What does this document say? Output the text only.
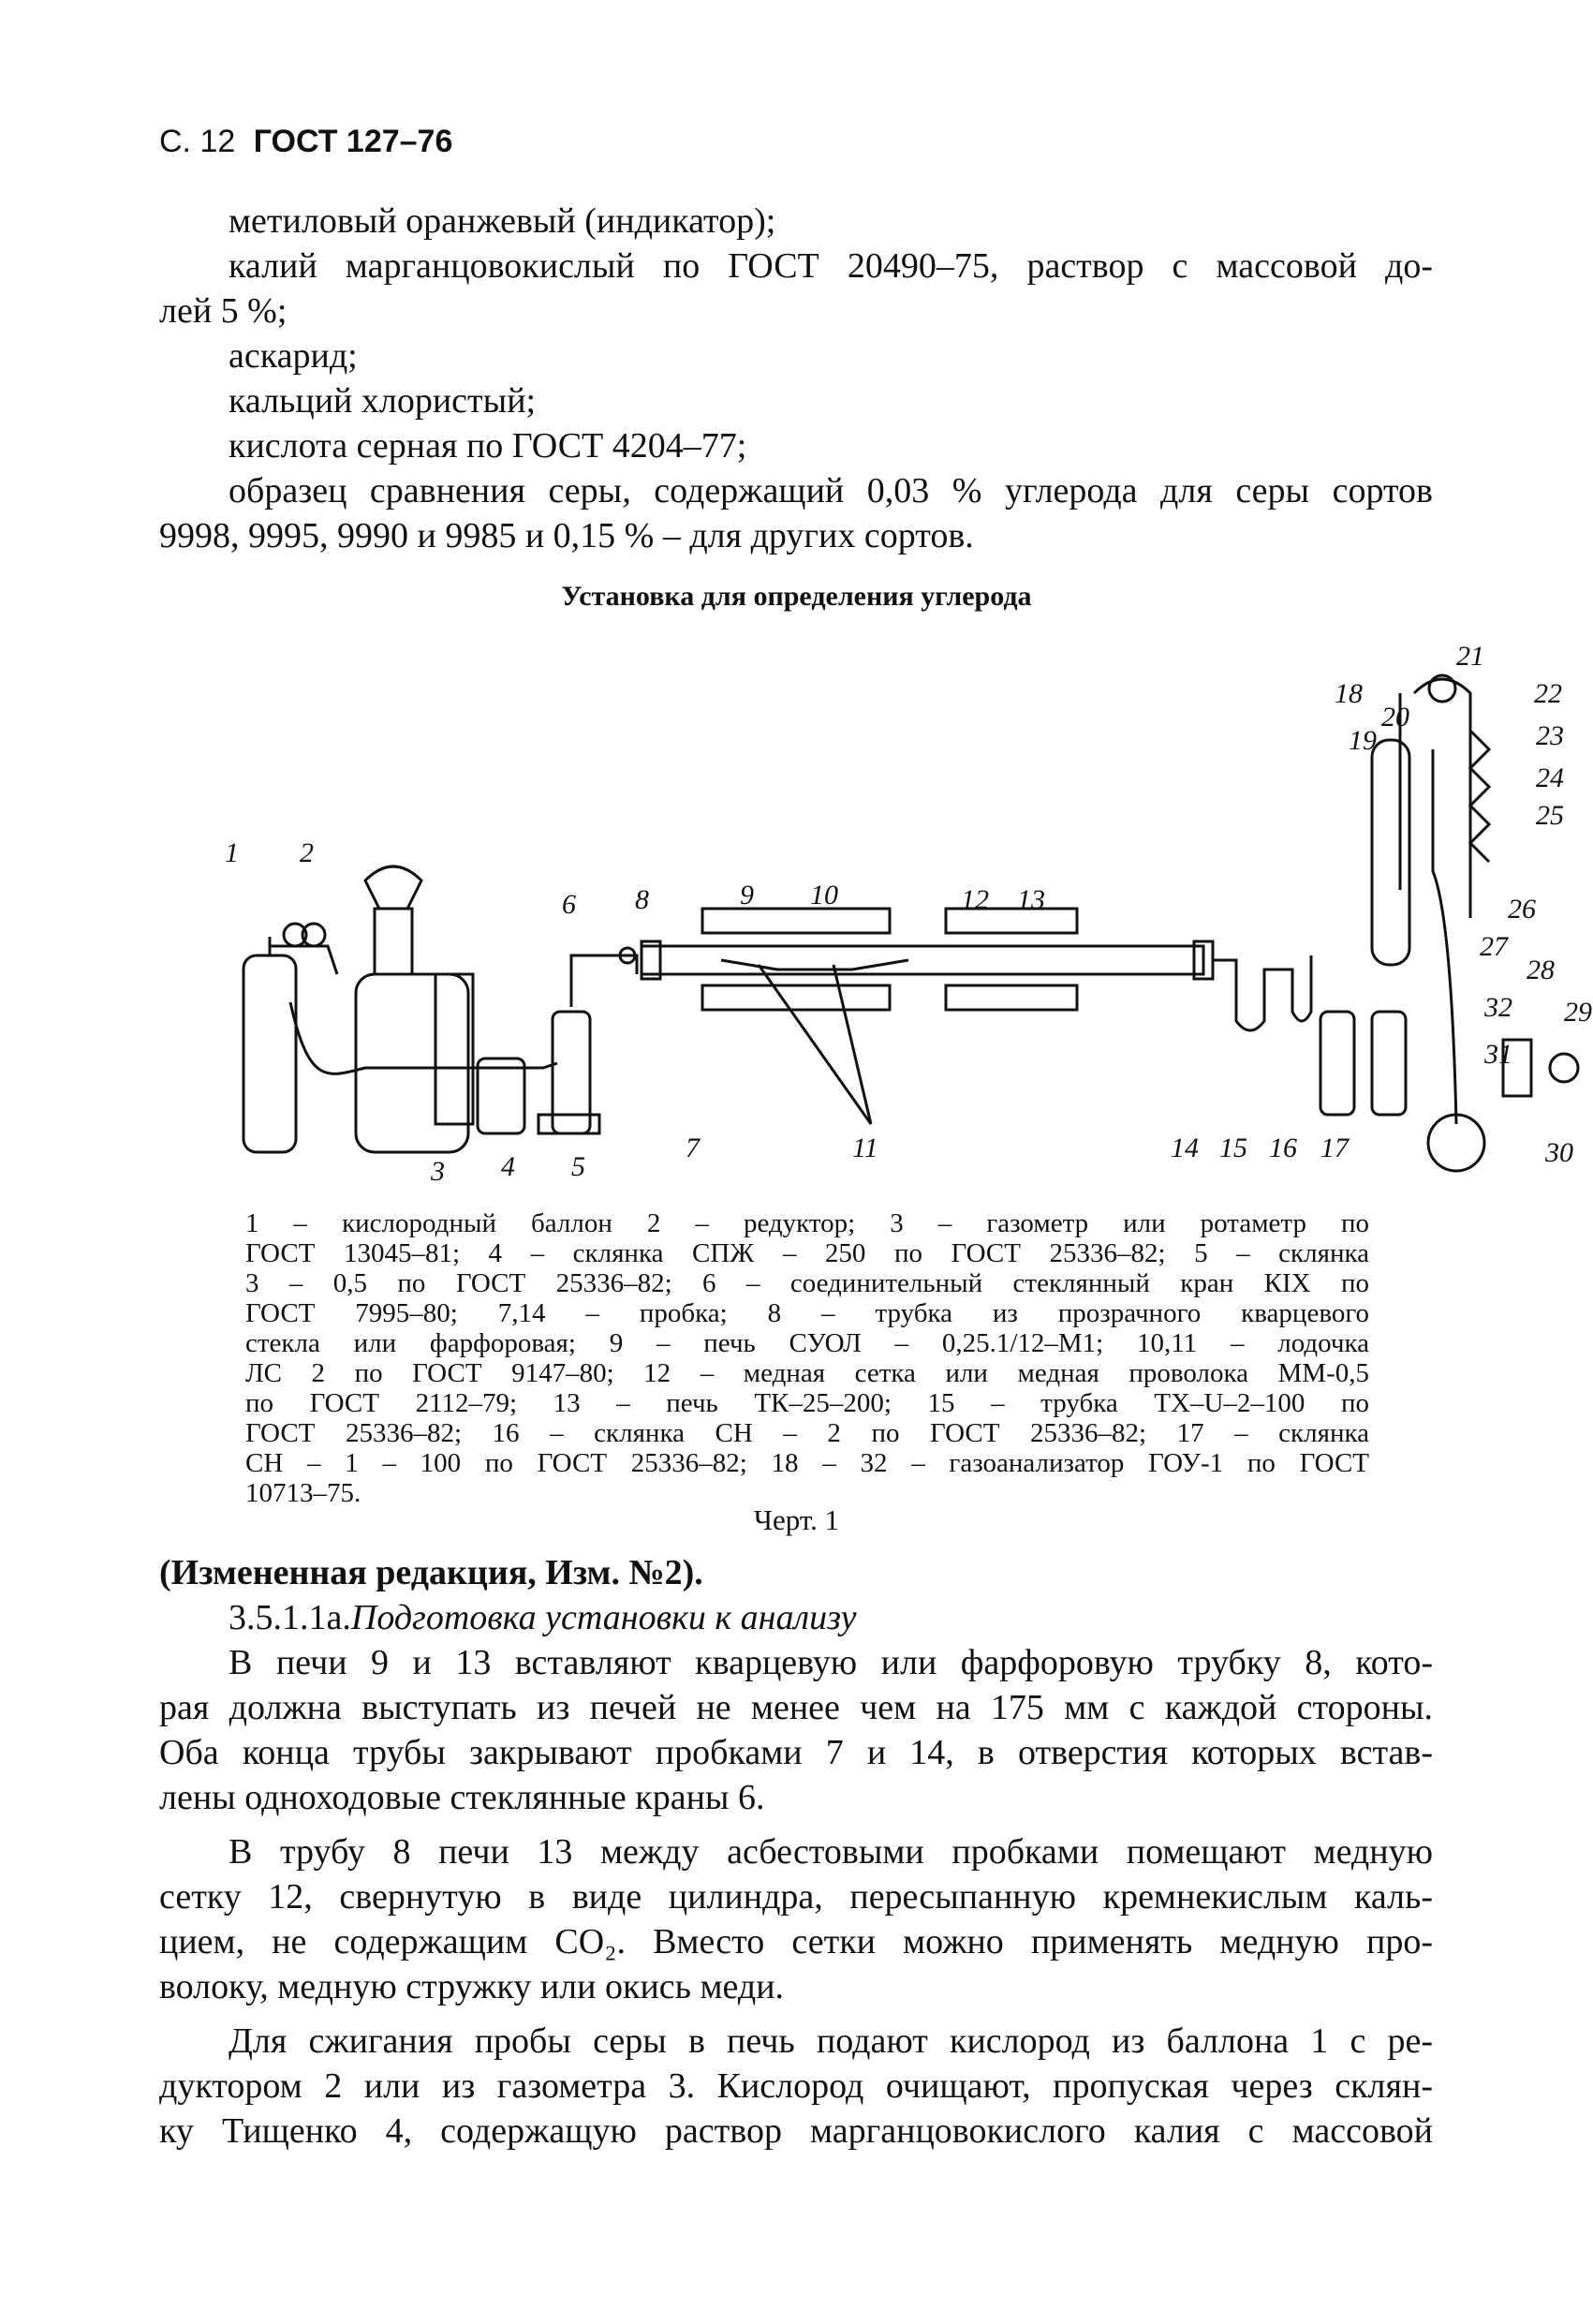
С. 12 ГОСТ 127–76
метиловый оранжевый (индикатор);
калий марганцовокислый по ГОСТ 20490–75, раствор с массовой до-
лей 5 %;
аскарид;
кальций хлористый;
кислота серная по ГОСТ 4204–77;
образец сравнения серы, содержащий 0,03 % углерода для серы сортов
9998, 9995, 9990 и 9985 и 0,15 % – для других сортов.
Установка для определения углерода
1 2
3 4 5
6
7
8	9 10
11
12 13
14 15 16 17
18
19
20
21
22
23
24
25
26
27
28
29
30
31
32
1 – кислородный баллон 2 – редуктор; 3 – газометр или ротаметр по
ГОСТ 13045–81; 4 – склянка СПЖ – 250 по ГОСТ 25336–82; 5 – склянка
3 – 0,5 по ГОСТ 25336–82; 6 – соединительный стеклянный кран КIХ по
ГОСТ 7995–80; 7,14 – пробка; 8 – трубка из прозрачного кварцевого
стекла или фарфоровая; 9 – печь СУОЛ – 0,25.1/12–М1; 10,11 – лодочка
ЛС 2 по ГОСТ 9147–80; 12 – медная сетка или медная проволока ММ-0,5
по ГОСТ 2112–79; 13 – печь ТК–25–200; 15 – трубка ТХ–U–2–100 по
ГОСТ 25336–82; 16 – склянка СН – 2 по ГОСТ 25336–82; 17 – склянка
СН – 1 – 100 по ГОСТ 25336–82; 18 – 32 – газоанализатор ГОУ-1 по ГОСТ
10713–75.
Черт. 1
(Измененная редакция, Изм. №2).
3.5.1.1а.Подготовка установки к анализу
В печи 9 и 13 вставляют кварцевую или фарфоровую трубку 8, кото-
рая должна выступать из печей не менее чем на 175 мм с каждой стороны.
Оба конца трубы закрывают пробками 7 и 14, в отверстия которых встав-
лены одноходовые стеклянные краны 6.
В трубу 8 печи 13 между асбестовыми пробками помещают медную
сетку 12, свернутую в виде цилиндра, пересыпанную кремнекислым каль-
цием, не содержащим CO₂. Вместо сетки можно применять медную про-
волоку, медную стружку или окись меди.
Для сжигания пробы серы в печь подают кислород из баллона 1 с ре-
дуктором 2 или из газометра 3. Кислород очищают, пропуская через склян-
ку Тищенко 4, содержащую раствор марганцовокислого калия с массовой
